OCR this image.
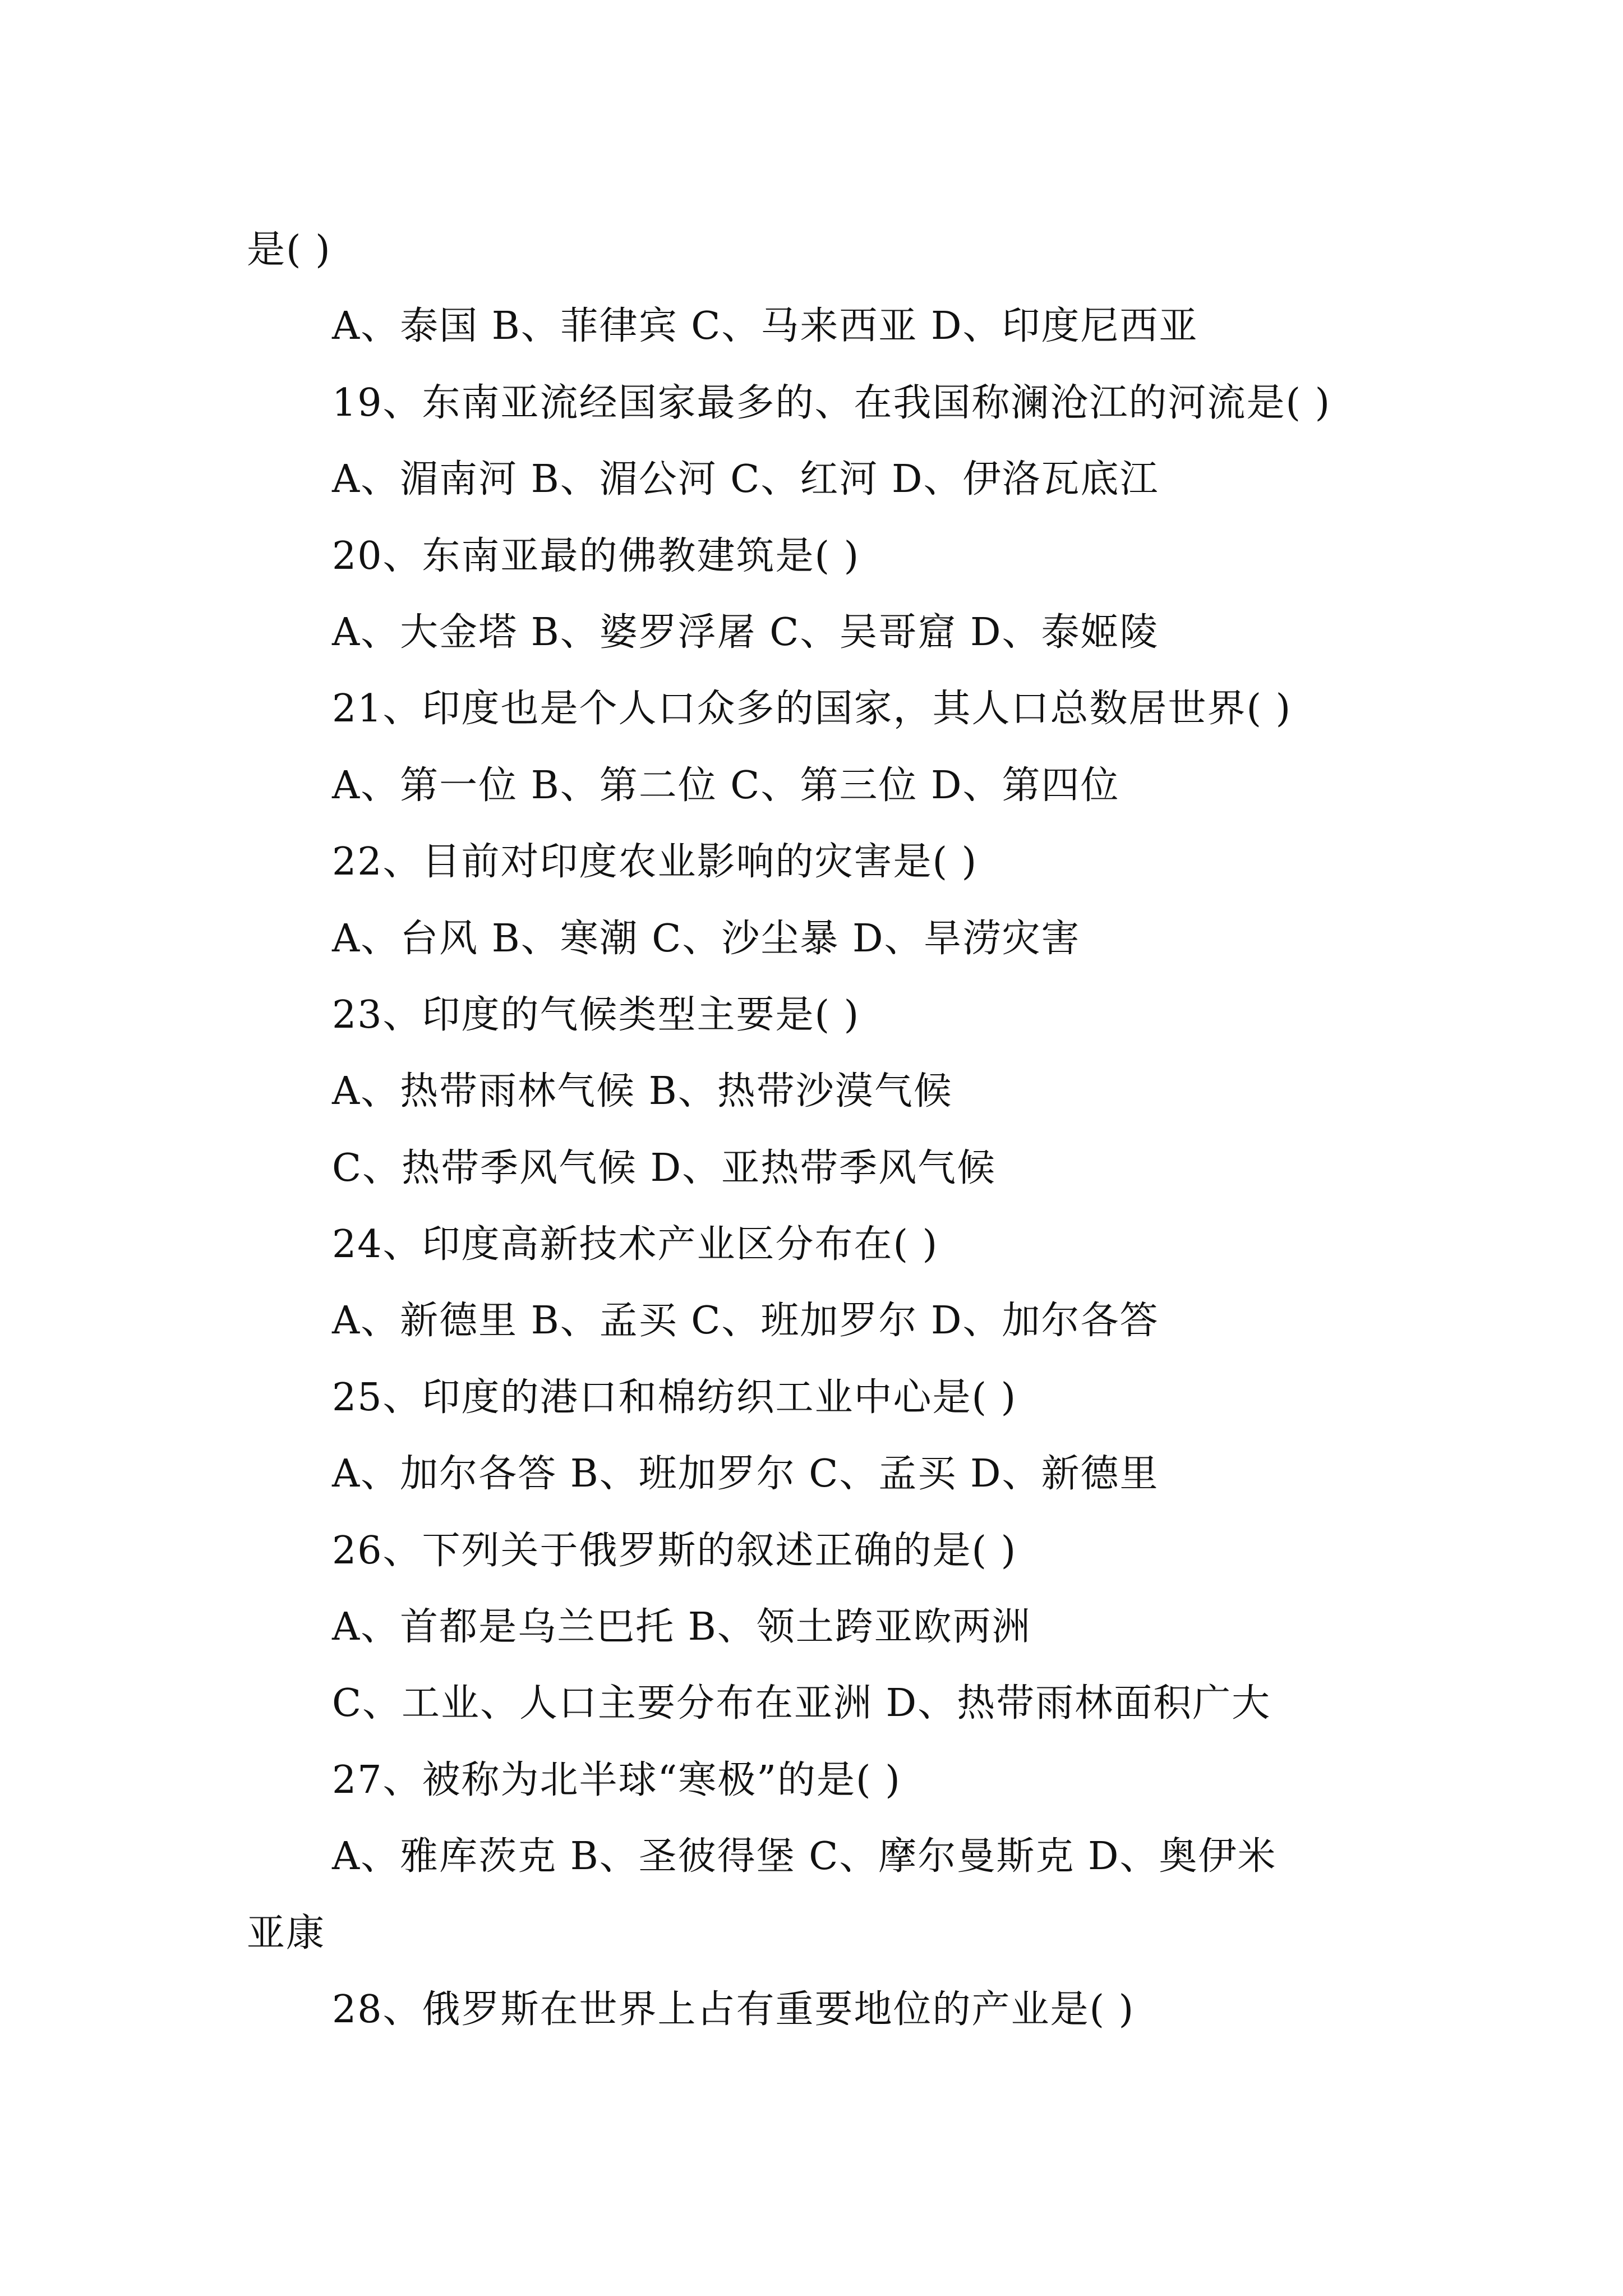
是( )
A、泰国 B、菲律宾 C、马来西亚 D、印度尼西亚
19、东南亚流经国家最多的、在我国称澜沧江的河流是( )
A、湄南河 B、湄公河 C、红河 D、伊洛瓦底江
20、东南亚最的佛教建筑是( )
A、大金塔 B、婆罗浮屠 C、吴哥窟 D、泰姬陵
21、印度也是个人口众多的国家，其人口总数居世界( )
A、第一位 B、第二位 C、第三位 D、第四位
22、目前对印度农业影响的灾害是( )
A、台风 B、寒潮 C、沙尘暴 D、旱涝灾害
23、印度的气候类型主要是( )
A、热带雨林气候 B、热带沙漠气候
C、热带季风气候 D、亚热带季风气候
24、印度高新技术产业区分布在( )
A、新德里 B、孟买 C、班加罗尔 D、加尔各答
25、印度的港口和棉纺织工业中心是( )
A、加尔各答 B、班加罗尔 C、孟买 D、新德里
26、下列关于俄罗斯的叙述正确的是( )
A、首都是乌兰巴托 B、领土跨亚欧两洲
C、工业、人口主要分布在亚洲 D、热带雨林面积广大
27、被称为北半球“寒极”的是( )
A、雅库茨克 B、圣彼得堡 C、摩尔曼斯克 D、奥伊米
亚康
28、俄罗斯在世界上占有重要地位的产业是( )
